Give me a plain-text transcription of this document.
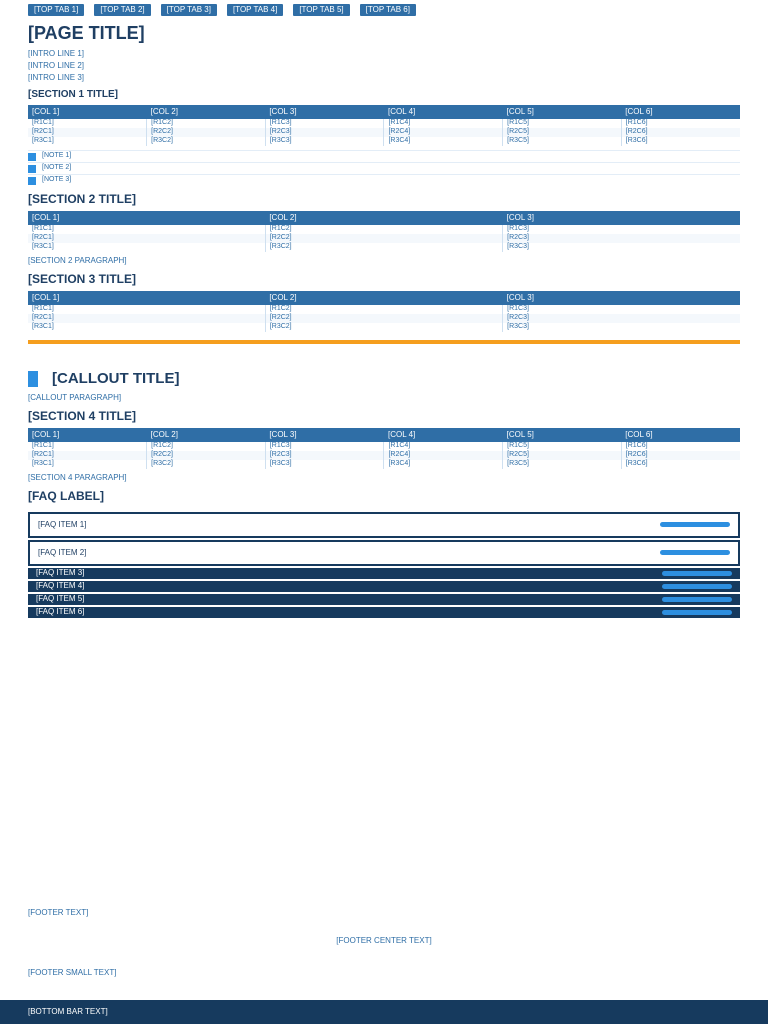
[TOP TAB 1]	[TOP TAB 2]	[TOP TAB 3]	[TOP TAB 4]	[TOP TAB 5]	[TOP TAB 6]
[PAGE TITLE]

[INTRO LINE 1]

[INTRO LINE 2]

[INTRO LINE 3]

[SECTION 1 TITLE]
[COL 1]	[COL 2]	[COL 3]	[COL 4]	[COL 5]	[COL 6]
[R1C1]	[R1C2]	[R1C3]	[R1C4]	[R1C5]	[R1C6]
[R2C1]	[R2C2]	[R2C3]	[R2C4]	[R2C5]	[R2C6]
[R3C1]	[R3C2]	[R3C3]	[R3C4]	[R3C5]	[R3C6]
[NOTE 1]
[NOTE 2]
[NOTE 3]
[SECTION 2 TITLE]
[COL 1]	[COL 2]	[COL 3]
[R1C1]	[R1C2]	[R1C3]
[R2C1]	[R2C2]	[R2C3]
[R3C1]	[R3C2]	[R3C3]
[SECTION 2 PARAGRAPH]
[SECTION 3 TITLE]
[COL 1]	[COL 2]	[COL 3]
[R1C1]	[R1C2]	[R1C3]
[R2C1]	[R2C2]	[R2C3]
[R3C1]	[R3C2]	[R3C3]
[CALLOUT TITLE]
[CALLOUT PARAGRAPH]
[SECTION 4 TITLE]
[COL 1]	[COL 2]	[COL 3]	[COL 4]	[COL 5]	[COL 6]
[R1C1]	[R1C2]	[R1C3]	[R1C4]	[R1C5]	[R1C6]
[R2C1]	[R2C2]	[R2C3]	[R2C4]	[R2C5]	[R2C6]
[R3C1]	[R3C2]	[R3C3]	[R3C4]	[R3C5]	[R3C6]
[SECTION 4 PARAGRAPH]
[FAQ LABEL]
[FAQ ITEM 1]
[FAQ ITEM 2]
[FAQ ITEM 3]
[FAQ ITEM 4]
[FAQ ITEM 5]
[FAQ ITEM 6]
[FOOTER TEXT]
[FOOTER CENTER TEXT]
[FOOTER SMALL TEXT]
[BOTTOM BAR TEXT]
